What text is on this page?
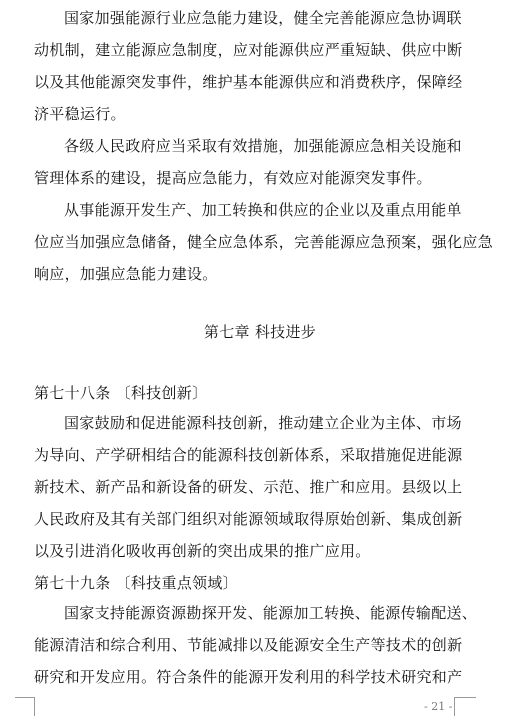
国家加强能源行业应急能力建设，健全完善能源应急协调联
动机制，建立能源应急制度，应对能源供应严重短缺、供应中断
以及其他能源突发事件，维护基本能源供应和消费秩序，保障经
济平稳运行。
各级人民政府应当采取有效措施，加强能源应急相关设施和
管理体系的建设，提高应急能力，有效应对能源突发事件。
从事能源开发生产、加工转换和供应的企业以及重点用能单
位应当加强应急储备，健全应急体系，完善能源应急预案，强化应急
响应，加强应急能力建设。
第七章 科技进步
第七十八条 〔科技创新〕
国家鼓励和促进能源科技创新，推动建立企业为主体、市场
为导向、产学研相结合的能源科技创新体系，采取措施促进能源
新技术、新产品和新设备的研发、示范、推广和应用。县级以上
人民政府及其有关部门组织对能源领域取得原始创新、集成创新
以及引进消化吸收再创新的突出成果的推广应用。
第七十九条 〔科技重点领域〕
国家支持能源资源勘探开发、能源加工转换、能源传输配送、
能源清洁和综合利用、节能减排以及能源安全生产等技术的创新
研究和开发应用。符合条件的能源开发利用的科学技术研究和产
- 21 -
